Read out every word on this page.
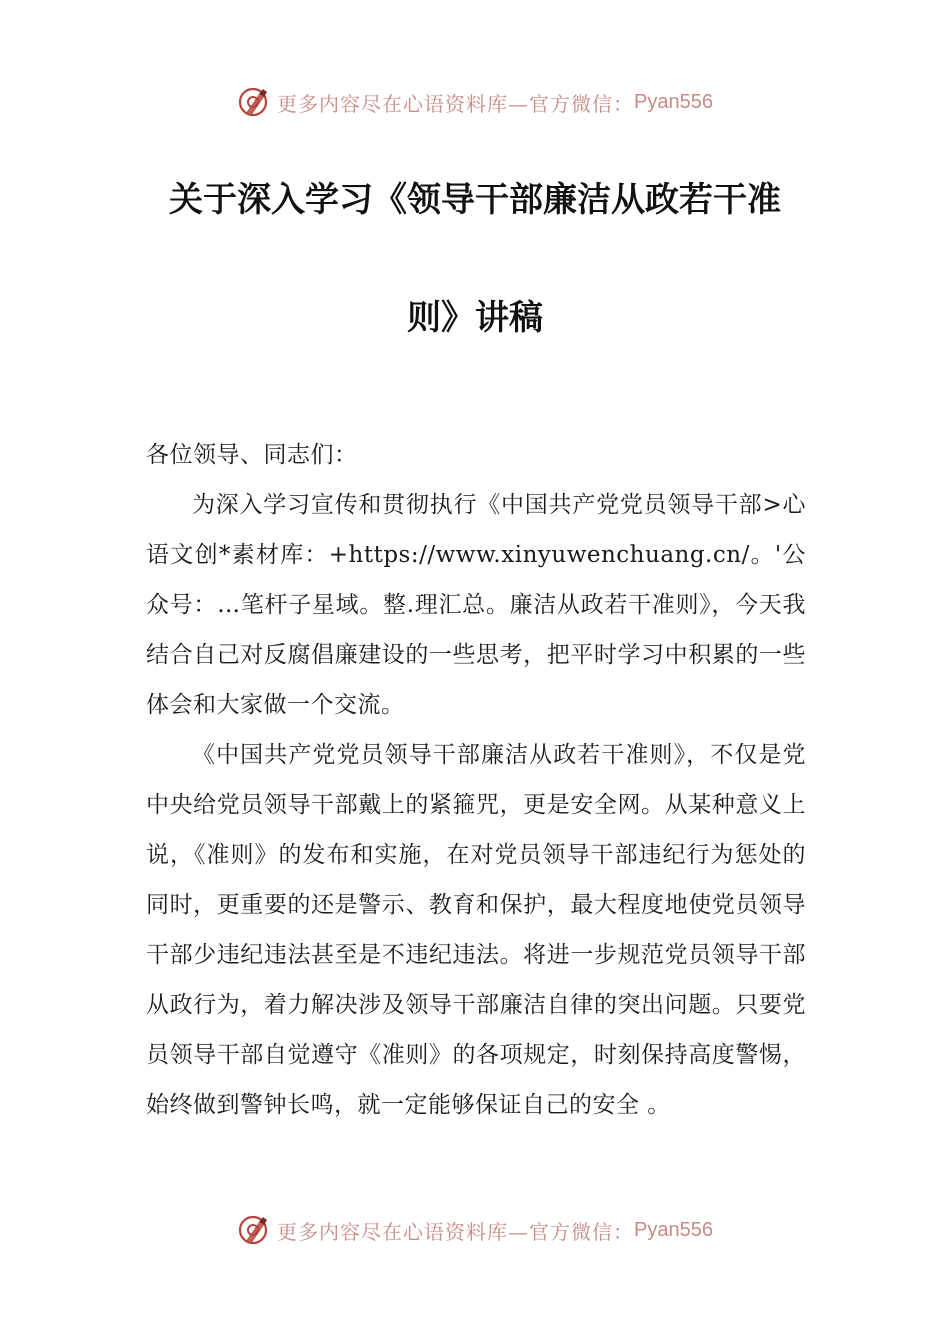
更多内容尽在心语资料库—官方微信： Pyan556
关于深入学习《领导干部廉洁从政若干准
则》讲稿

各位领导、同志们：

为深入学习宣传和贯彻执行《中国共产党党员领导干部>心语文创*素材库：+https://www.xinyuwenchuang.cn/。'公众号：…笔杆子星域。整.理汇总。廉洁从政若干准则》，今天我结合自己对反腐倡廉建设的一些思考，把平时学习中积累的一些体会和大家做一个交流。

《中国共产党党员领导干部廉洁从政若干准则》，不仅是党中央给党员领导干部戴上的紧箍咒，更是安全网。从某种意义上说，《准则》的发布和实施，在对党员领导干部违纪行为惩处的同时，更重要的还是警示、教育和保护，最大程度地使党员领导干部少违纪违法甚至是不违纪违法。将进一步规范党员领导干部从政行为，着力解决涉及领导干部廉洁自律的突出问题。只要党员领导干部自觉遵守《准则》的各项规定，时刻保持高度警惕，始终做到警钟长鸣，就一定能够保证自己的安全 。

更多内容尽在心语资料库—官方微信： Pyan556
